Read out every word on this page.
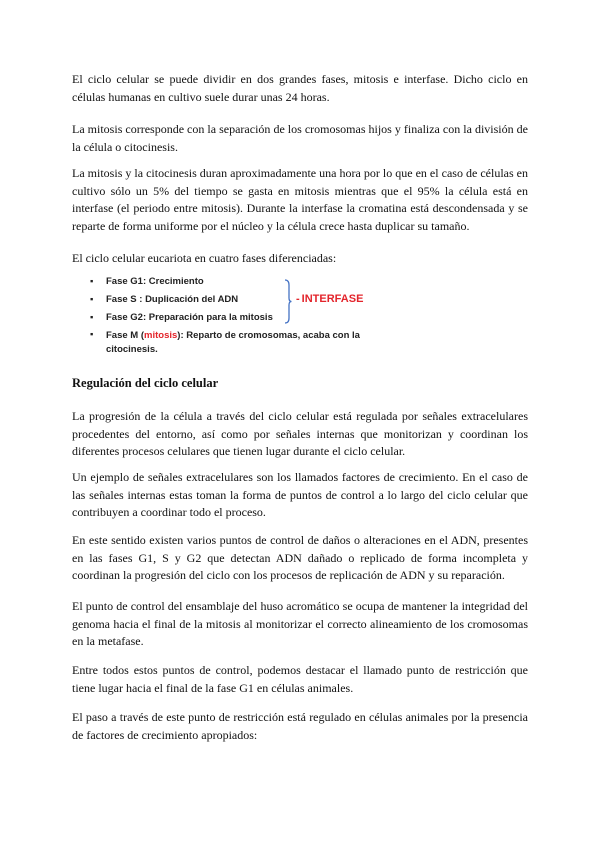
El ciclo celular se puede dividir en dos grandes fases, mitosis e interfase. Dicho ciclo en células humanas en cultivo suele durar unas 24 horas.

La mitosis corresponde con la separación de los cromosomas hijos y finaliza con la división de la célula o citocinesis.

La mitosis y la citocinesis duran aproximadamente una hora por lo que en el caso de células en cultivo sólo un 5% del tiempo se gasta en mitosis mientras que el 95% la célula está en interfase (el periodo entre mitosis). Durante la interfase la cromatina está descondensada y se reparte de forma uniforme por el núcleo y la célula crece hasta duplicar su tamaño.

El ciclo celular eucariota en cuatro fases diferenciadas:

▪ Fase G1: Crecimiento
▪ Fase S : Duplicación del ADN
▪ Fase G2: Preparación para la mitosis
▪ Fase M (mitosis): Reparto de cromosomas, acaba con la citocinesis.
‑ INTERFASE

Regulación del ciclo celular

La progresión de la célula a través del ciclo celular está regulada por señales extracelulares procedentes del entorno, así como por señales internas que monitorizan y coordinan los diferentes procesos celulares que tienen lugar durante el ciclo celular.

Un ejemplo de señales extracelulares son los llamados factores de crecimiento. En el caso de las señales internas estas toman la forma de puntos de control a lo largo del ciclo celular que contribuyen a coordinar todo el proceso.

En este sentido existen varios puntos de control de daños o alteraciones en el ADN, presentes en las fases G1, S y G2 que detectan ADN dañado o replicado de forma incompleta y coordinan la progresión del ciclo con los procesos de replicación de ADN y su reparación.

El punto de control del ensamblaje del huso acromático se ocupa de mantener la integridad del genoma hacia el final de la mitosis al monitorizar el correcto alineamiento de los cromosomas en la metafase.

Entre todos estos puntos de control, podemos destacar el llamado punto de restricción que tiene lugar hacia el final de la fase G1 en células animales.

El paso a través de este punto de restricción está regulado en células animales por la presencia de factores de crecimiento apropiados:
